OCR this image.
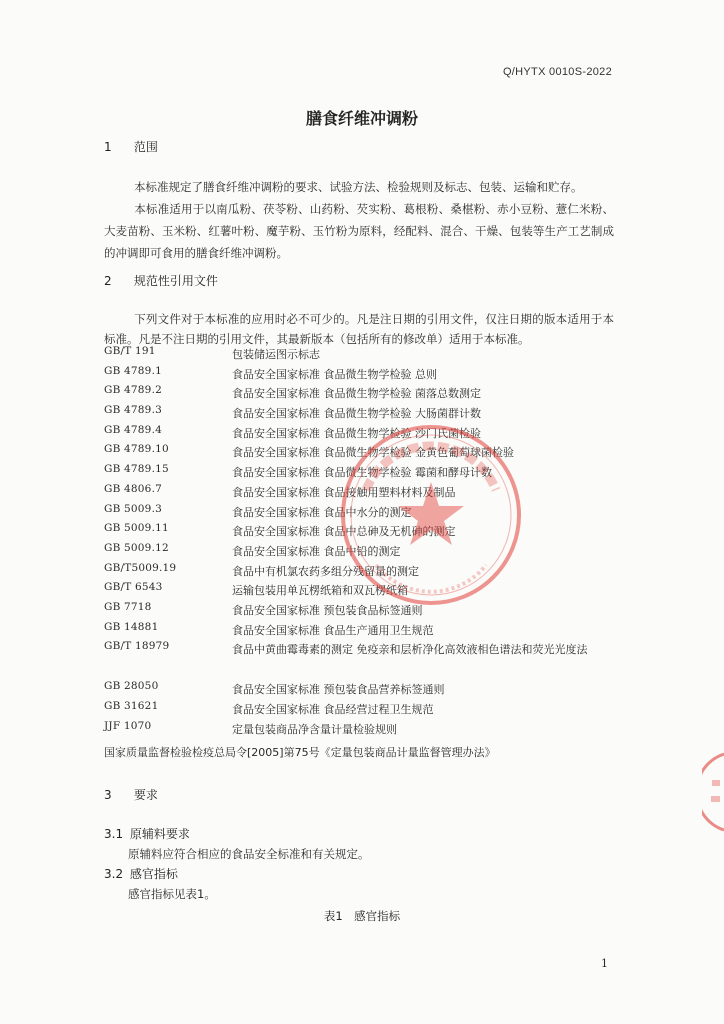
Q/HYTX 0010S-2022
膳食纤维冲调粉
1 范围
本标准规定了膳食纤维冲调粉的要求、试验方法、检验规则及标志、包装、运输和贮存。
本标准适用于以南瓜粉、茯苓粉、山药粉、芡实粉、葛根粉、桑椹粉、赤小豆粉、薏仁米粉、大麦苗粉、玉米粉、红薯叶粉、魔芋粉、玉竹粉为原料，经配料、混合、干燥、包装等生产工艺制成的冲调即可食用的膳食纤维冲调粉。
2 规范性引用文件
下列文件对于本标准的应用时必不可少的。凡是注日期的引用文件，仅注日期的版本适用于本标准。凡是不注日期的引用文件，其最新版本（包括所有的修改单）适用于本标准。
GB/T 191	包装储运图示标志
GB 4789.1	食品安全国家标准 食品微生物学检验 总则
GB 4789.2	食品安全国家标准 食品微生物学检验 菌落总数测定
GB 4789.3	食品安全国家标准 食品微生物学检验 大肠菌群计数
GB 4789.4	食品安全国家标准 食品微生物学检验 沙门氏菌检验
GB 4789.10	食品安全国家标准 食品微生物学检验 金黄色葡萄球菌检验
GB 4789.15	食品安全国家标准 食品微生物学检验 霉菌和酵母计数
GB 4806.7	食品安全国家标准 食品接触用塑料材料及制品
GB 5009.3	食品安全国家标准 食品中水分的测定
GB 5009.11	食品安全国家标准 食品中总砷及无机砷的测定
GB 5009.12	食品安全国家标准 食品中铅的测定
GB/T5009.19	食品中有机氯农药多组分残留量的测定
GB/T 6543	运输包装用单瓦楞纸箱和双瓦楞纸箱
GB 7718	食品安全国家标准 预包装食品标签通则
GB 14881	食品安全国家标准 食品生产通用卫生规范
GB/T 18979	食品中黄曲霉毒素的测定 免疫亲和层析净化高效液相色谱法和荧光光度法
GB 28050	食品安全国家标准 预包装食品营养标签通则
GB 31621	食品安全国家标准 食品经营过程卫生规范
JJF 1070	定量包装商品净含量计量检验规则
国家质量监督检验检疫总局令[2005]第75号《定量包装商品计量监督管理办法》
3 要求
3.1 原辅料要求
原辅料应符合相应的食品安全标准和有关规定。
3.2 感官指标
感官指标见表1。
表1　感官指标
1
